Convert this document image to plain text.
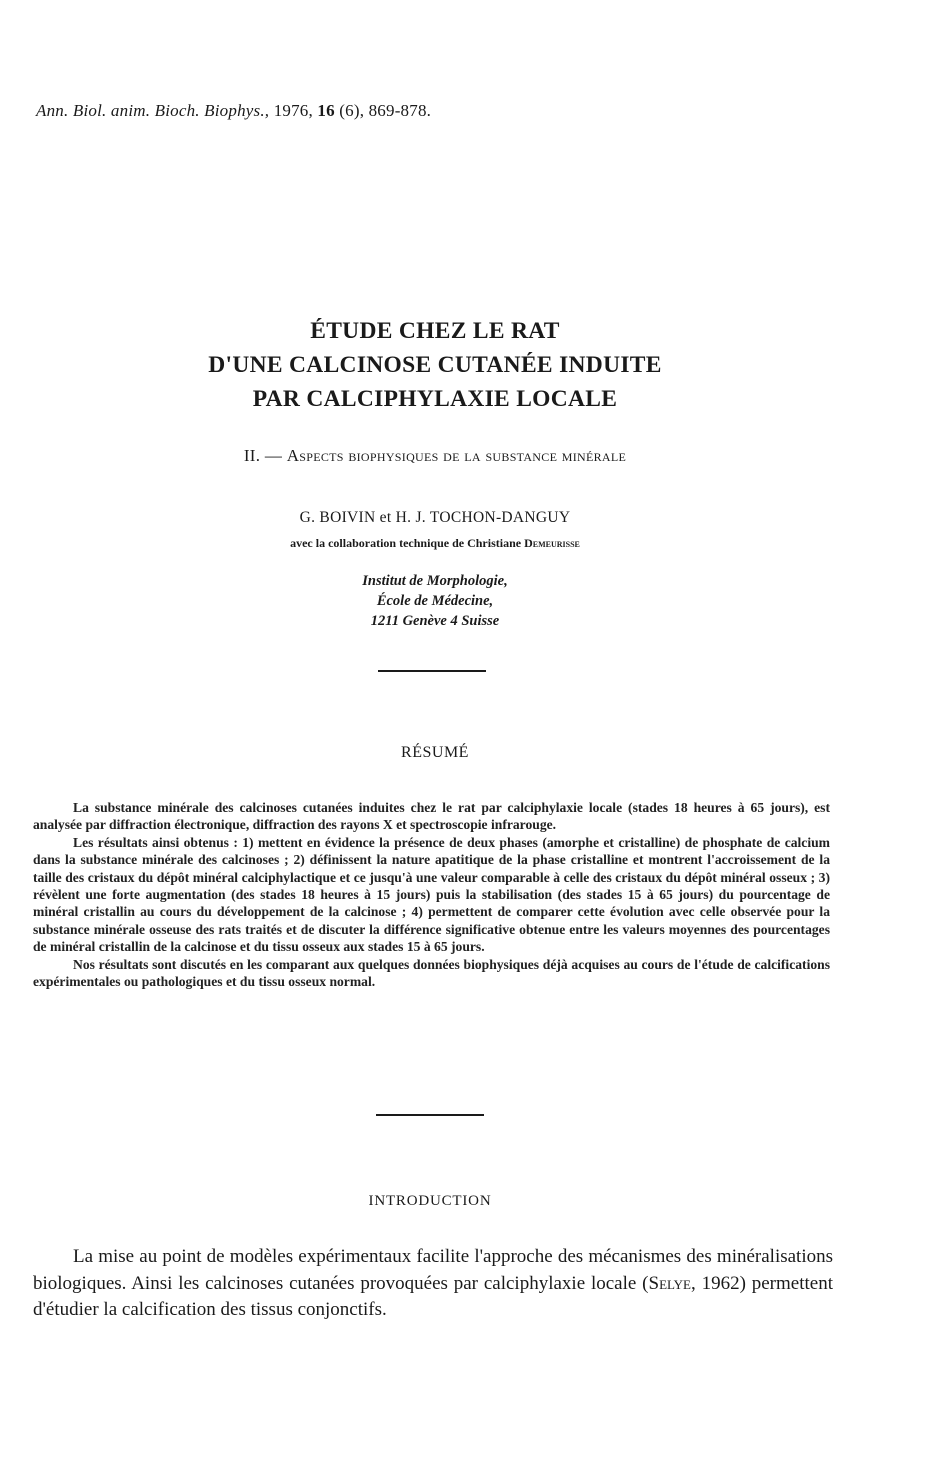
Ann. Biol. anim. Bioch. Biophys., 1976, 16 (6), 869-878.
ÉTUDE CHEZ LE RAT
D'UNE CALCINOSE CUTANÉE INDUITE
PAR CALCIPHYLAXIE LOCALE
II. — Aspects biophysiques de la substance minérale
G. BOIVIN et H. J. TOCHON-DANGUY
avec la collaboration technique de Christiane Demeurisse
Institut de Morphologie,
École de Médecine,
1211 Genève 4 Suisse
RÉSUMÉ

La substance minérale des calcinoses cutanées induites chez le rat par calciphylaxie locale (stades 18 heures à 65 jours), est analysée par diffraction électronique, diffraction des rayons X et spectroscopie infrarouge.

Les résultats ainsi obtenus : 1) mettent en évidence la présence de deux phases (amorphe et cristalline) de phosphate de calcium dans la substance minérale des calcinoses ; 2) définissent la nature apatitique de la phase cristalline et montrent l'accroissement de la taille des cristaux du dépôt minéral calciphylactique et ce jusqu'à une valeur comparable à celle des cristaux du dépôt minéral osseux ; 3) révèlent une forte augmentation (des stades 18 heures à 15 jours) puis la stabilisation (des stades 15 à 65 jours) du pourcentage de minéral cristallin au cours du développement de la calcinose ; 4) permettent de comparer cette évolution avec celle observée pour la substance minérale osseuse des rats traités et de discuter la différence significative obtenue entre les valeurs moyennes des pourcentages de minéral cristallin de la calcinose et du tissu osseux aux stades 15 à 65 jours.

Nos résultats sont discutés en les comparant aux quelques données biophysiques déjà acquises au cours de l'étude de calcifications expérimentales ou pathologiques et du tissu osseux normal.

INTRODUCTION

La mise au point de modèles expérimentaux facilite l'approche des mécanismes des minéralisations biologiques. Ainsi les calcinoses cutanées provoquées par calciphylaxie locale (Selye, 1962) permettent d'étudier la calcification des tissus conjonctifs.
